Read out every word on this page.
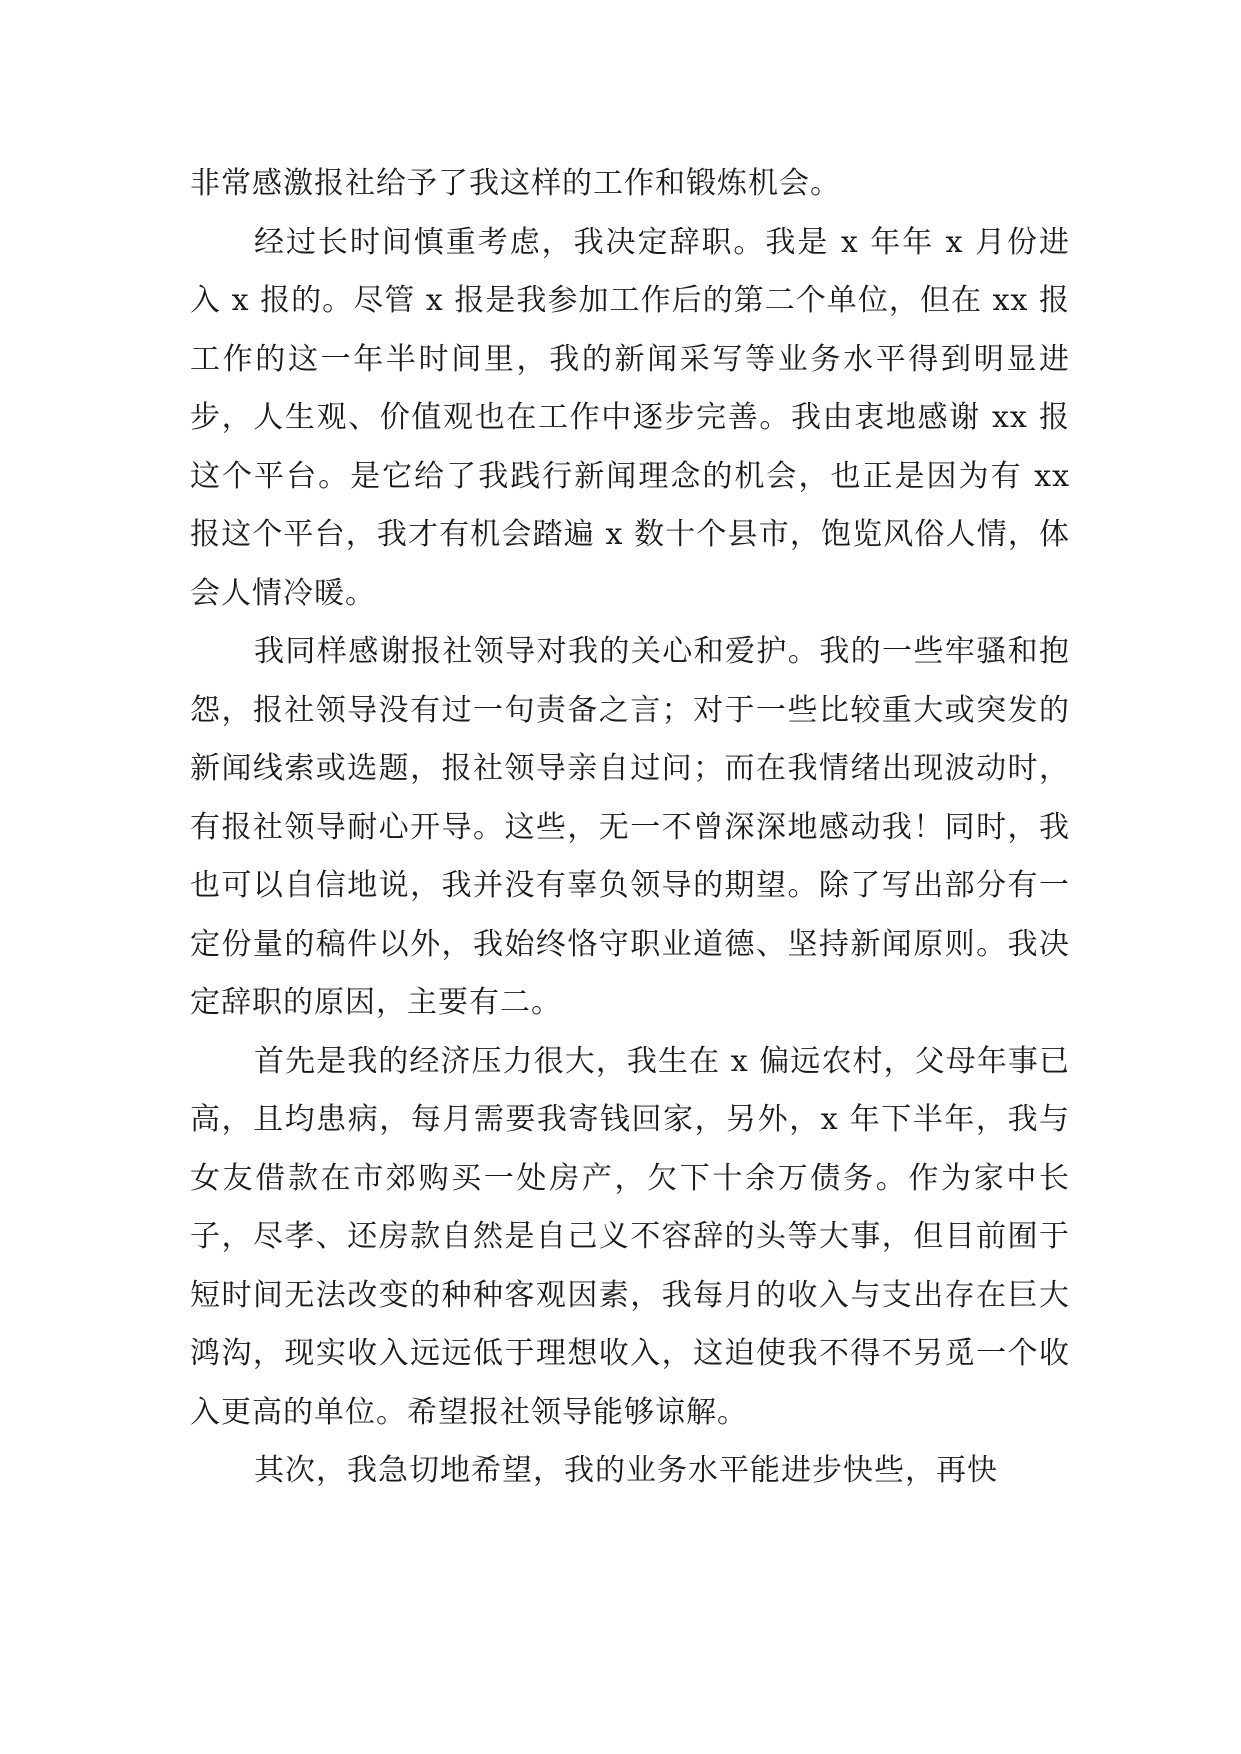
非常感激报社给予了我这样的工作和锻炼机会。

经过长时间慎重考虑，我决定辞职。我是 x 年年 x 月份进入 x 报的。尽管 x 报是我参加工作后的第二个单位，但在 xx 报工作的这一年半时间里，我的新闻采写等业务水平得到明显进步，人生观、价值观也在工作中逐步完善。我由衷地感谢 xx 报这个平台。是它给了我践行新闻理念的机会，也正是因为有 xx 报这个平台，我才有机会踏遍 x 数十个县市，饱览风俗人情，体会人情冷暖。

我同样感谢报社领导对我的关心和爱护。我的一些牢骚和抱怨，报社领导没有过一句责备之言；对于一些比较重大或突发的新闻线索或选题，报社领导亲自过问；而在我情绪出现波动时，有报社领导耐心开导。这些，无一不曾深深地感动我！同时，我也可以自信地说，我并没有辜负领导的期望。除了写出部分有一定份量的稿件以外，我始终恪守职业道德、坚持新闻原则。我决定辞职的原因，主要有二。

首先是我的经济压力很大，我生在 x 偏远农村，父母年事已高，且均患病，每月需要我寄钱回家，另外，x 年下半年，我与女友借款在市郊购买一处房产，欠下十余万债务。作为家中长子，尽孝、还房款自然是自己义不容辞的头等大事，但目前囿于短时间无法改变的种种客观因素，我每月的收入与支出存在巨大鸿沟，现实收入远远低于理想收入，这迫使我不得不另觅一个收入更高的单位。希望报社领导能够谅解。

其次，我急切地希望，我的业务水平能进步快些，再快
